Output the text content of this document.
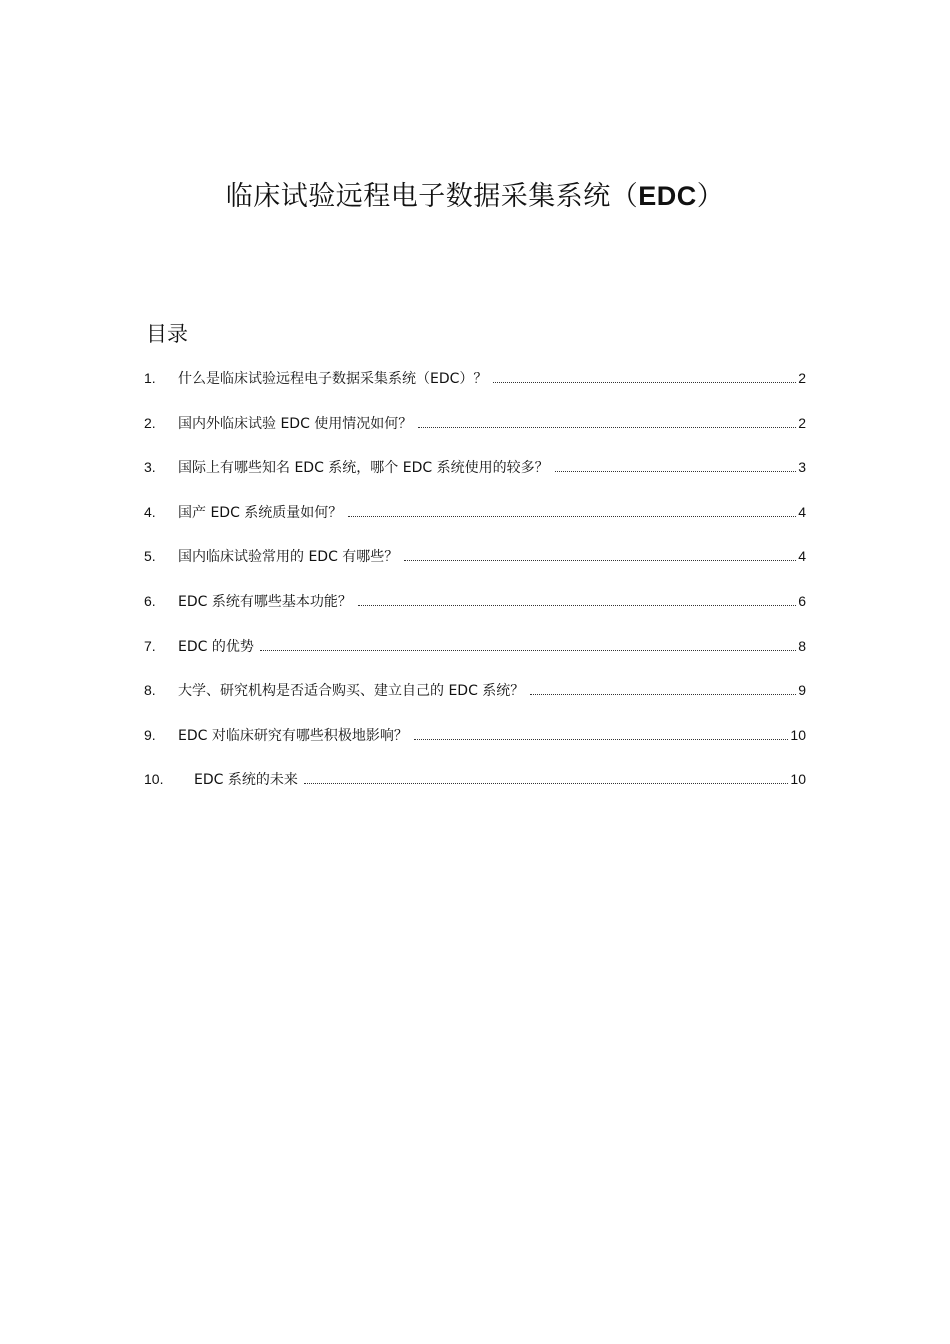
临床试验远程电子数据采集系统（EDC）
目录
1.	什么是临床试验远程电子数据采集系统（EDC）？	2
2.	国内外临床试验 EDC 使用情况如何？	2
3.	国际上有哪些知名 EDC 系统，哪个 EDC 系统使用的较多？	3
4.	国产 EDC 系统质量如何？	4
5.	国内临床试验常用的 EDC 有哪些？	4
6.	EDC 系统有哪些基本功能？	6
7.	EDC 的优势	8
8.	大学、研究机构是否适合购买、建立自己的 EDC 系统？	9
9.	EDC 对临床研究有哪些积极地影响？	10
10.	EDC 系统的未来	10
